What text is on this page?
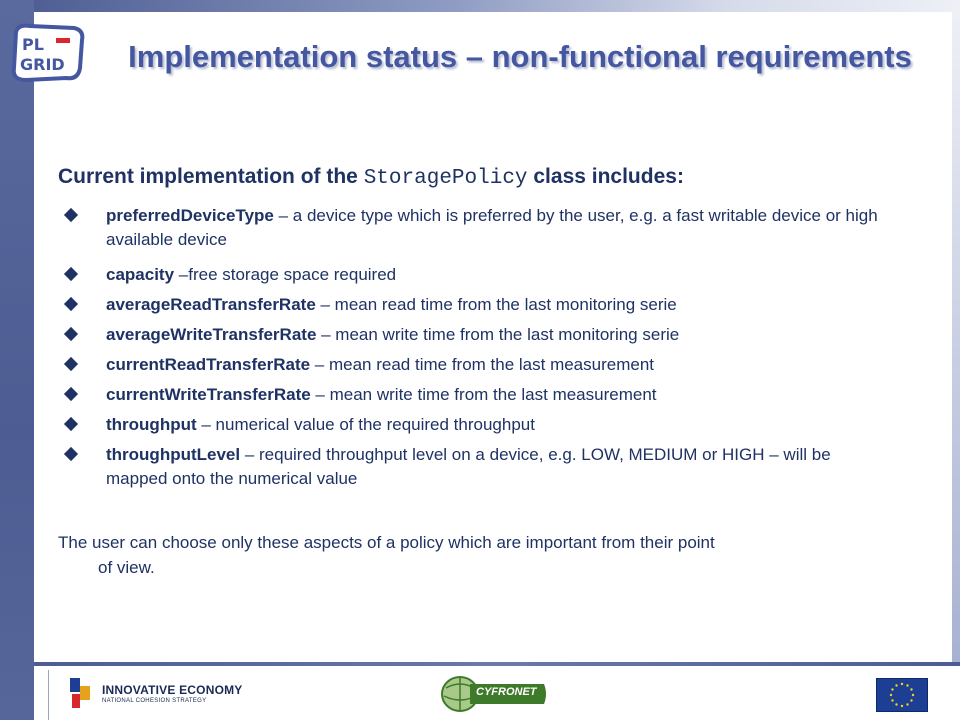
PL
GRID Implementation status – non-functional requirements
Current implementation of the StoragePolicy class includes:
preferredDeviceType – a device type which is preferred by the user, e.g. a fast writable device or high available device
capacity –free storage space required
averageReadTransferRate – mean read time from the last monitoring serie
averageWriteTransferRate – mean write time from the last monitoring serie
currentReadTransferRate – mean read time from the last measurement
currentWriteTransferRate – mean write time from the last measurement
throughput – numerical value of the required throughput
throughputLevel – required throughput level on a device, e.g. LOW, MEDIUM or HIGH – will be mapped onto the numerical value
The user can choose only these aspects of a policy which are important from their point
of view.
INNOVATIVE ECONOMY
NATIONAL COHESION STRATEGY
CYFRONET
